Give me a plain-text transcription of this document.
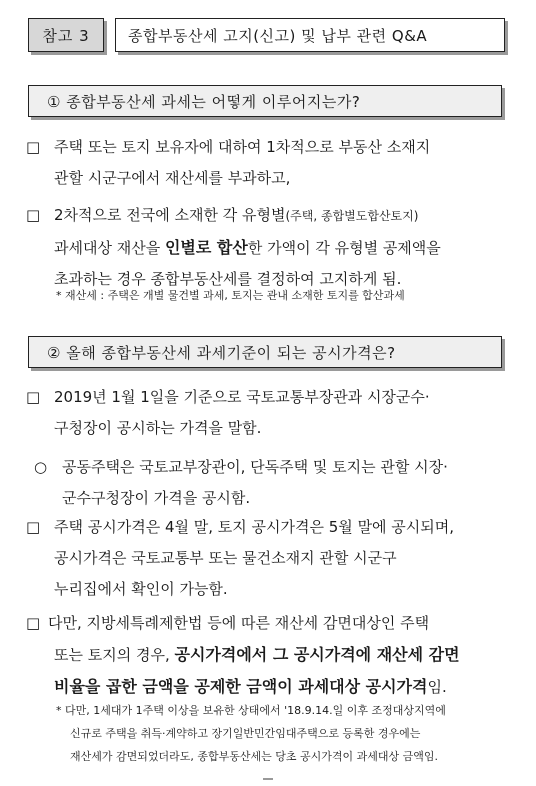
참고 3	종합부동산세 고지(신고) 및 납부 관련 Q&A
① 종합부동산세 과세는 어떻게 이루어지는가?
□ 주택 또는 토지 보유자에 대하여 1차적으로 부동산 소재지
관할 시군구에서 재산세를 부과하고,
□ 2차적으로 전국에 소재한 각 유형별(주택, 종합별도합산토지)
과세대상 재산을 인별로 합산한 가액이 각 유형별 공제액을
초과하는 경우 종합부동산세를 결정하여 고지하게 됨.
* 재산세 : 주택은 개별 물건별 과세, 토지는 관내 소재한 토지를 합산과세
② 올해 종합부동산세 과세기준이 되는 공시가격은?
□ 2019년 1월 1일을 기준으로 국토교통부장관과 시장군수·
구청장이 공시하는 가격을 말함.
○ 공동주택은 국토교부장관이, 단독주택 및 토지는 관할 시장·
군수구청장이 가격을 공시함.
□ 주택 공시가격은 4월 말, 토지 공시가격은 5월 말에 공시되며,
공시가격은 국토교통부 또는 물건소재지 관할 시군구
누리집에서 확인이 가능함.
□ 다만, 지방세특례제한법 등에 따른 재산세 감면대상인 주택
또는 토지의 경우, 공시가격에서 그 공시가격에 재산세 감면
비율을 곱한 금액을 공제한 금액이 과세대상 공시가격임.
* 다만, 1세대가 1주택 이상을 보유한 상태에서 '18.9.14.일 이후 조정대상지역에
신규로 주택을 취득·계약하고 장기일반민간임대주택으로 등록한 경우에는
재산세가 감면되었더라도, 종합부동산세는 당초 공시가격이 과세대상 금액임.
